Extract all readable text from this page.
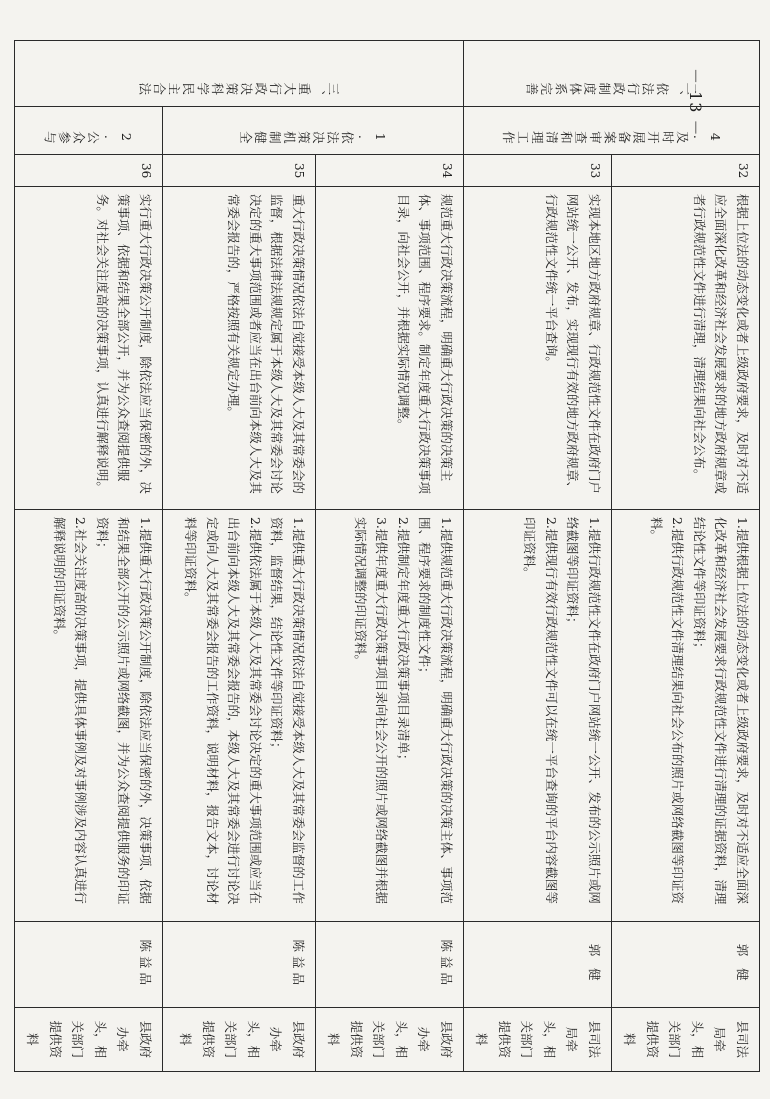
－ 13 －
二、依法行政制度体系完善	4.及时开展备案审查和清理工作	32	根据上位法的动态变化或者上级政府要求，及时对不适应全面深化改革和经济社会发展要求的地方政府规章或者行政规范性文件进行清理，清理结果向社会公布。	1.提供根据上位法的动态变化或者上级政府要求，及时对不适应全面深化改革和经济社会发展要求行政规范性文件进行清理的证据资料，清理结论性文件等印证资料；
2.提供行政规范性文件清理结果向社会公布的照片或网络截图等印证资料。	郭 健	县司法局牵头，相关部门提供资料
		33	实现本地区地方政府规章、行政规范性文件在政府门户网站统一公开、发布，实现现行有效的地方政府规章、行政规范性文件统一平台查询。	1.提供行政规范性文件在政府门户网站统一公开、发布的公示照片或网络截图等印证资料；
2.提供现行有效行政规范性文件可以在统一平台查询的平台内容截图等印证资料。	郭 健	县司法局牵头，相关部门提供资料
三、重大行政决策科学民主合法	1.依法决策机制健全	34	规范重大行政决策流程，明确重大行政决策的决策主体、事项范围、程序要求。制定年度重大行政决策事项目录，向社会公开，并根据实际情况调整。	1.提供规范重大行政决策流程，明确重大行政决策的决策主体、事项范围、程序要求的制度性文件；
2.提供制定年度重大行政决策事项目录清单；
3.提供年度重大行政决策事项目录向社会公开的照片或网络截图并根据实际情况调整的印证资料。	陈益品	县政府办牵头，相关部门提供资料
		35	重大行政决策情况依法自觉接受本级人大及其常委会的监督，根据法律法规规定属于本级人大及其常委会讨论决定的重大事项范围或者应当在出台前向本级人大及其常委会报告的，严格按照有关规定办理。	1.提供重大行政决策情况依法自觉接受本级人大及其常委会监督的工作资料，监督结果，结论性文件等印证资料；
2.提供依法属于本级人大及其常委会讨论决定的重大事项范围或应当在出台前向本级人大及其常委会报告的，本级人大及其常委会进行讨论决定或向人大及其常委会报告的工作资料，说明材料，报告文本，讨论材料等印证资料。	陈益品	县政府办牵头，相关部门提供资料
	2.公众参与	36	实行重大行政决策公开制度，除依法应当保密的外，决策事项、依据和结果全部公开，并为公众查阅提供服务。对社会关注度高的决策事项，认真进行解释说明。	1.提供重大行政决策公开制度，除依法应当保密的外，决策事项、依据和结果全部公开的公示照片或网络截图，并为公众查阅提供服务的印证资料；
2.社会关注度高的决策事项，提供具体事例及对事例涉及内容认真进行解释说明的印证资料。	陈益品	县政府办牵头，相关部门提供资料
